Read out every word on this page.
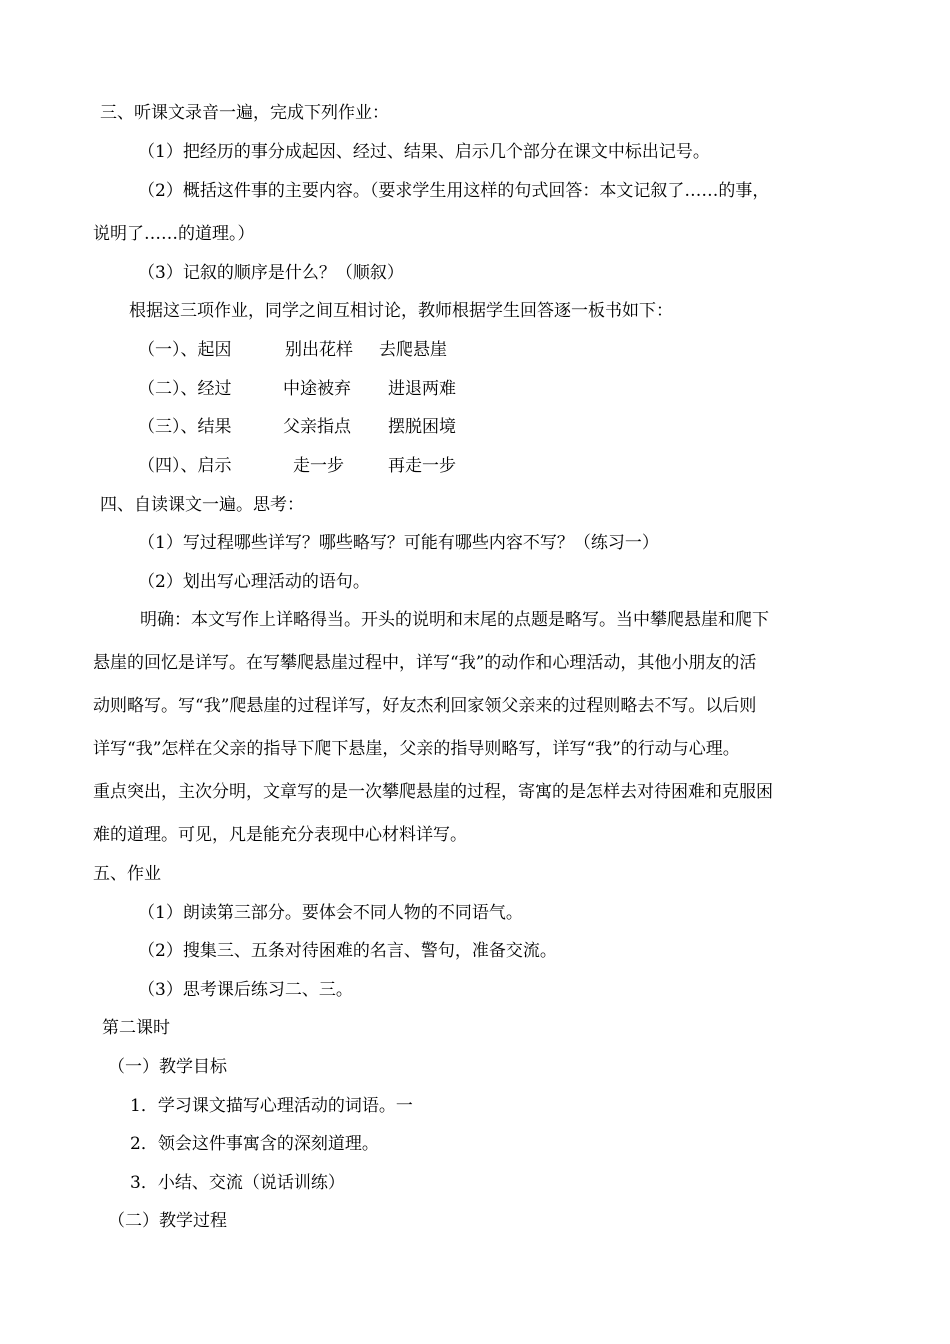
三、听课文录音一遍，完成下列作业：
（1）把经历的事分成起因、经过、结果、启示几个部分在课文中标出记号。
（2）概括这件事的主要内容。（要求学生用这样的句式回答：本文记叙了……的事，
说明了……的道理。）
（3）记叙的顺序是什么？（顺叙）
根据这三项作业，同学之间互相讨论，教师根据学生回答逐一板书如下：
（一）、起因	别出花样 去爬悬崖
（二）、经过	中途被弃 进退两难
（三）、结果	父亲指点 摆脱困境
（四）、启示	走一步	再走一步
四、自读课文一遍。思考：
（1）写过程哪些详写？哪些略写？可能有哪些内容不写？（练习一）
（2）划出写心理活动的语句。
明确：本文写作上详略得当。开头的说明和末尾的点题是略写。当中攀爬悬崖和爬下
悬崖的回忆是详写。在写攀爬悬崖过程中，详写“我”的动作和心理活动，其他小朋友的活
动则略写。写“我”爬悬崖的过程详写，好友杰利回家领父亲来的过程则略去不写。以后则
详写“我”怎样在父亲的指导下爬下悬崖，父亲的指导则略写，详写“我”的行动与心理。
重点突出，主次分明，文章写的是一次攀爬悬崖的过程，寄寓的是怎样去对待困难和克服困
难的道理。可见，凡是能充分表现中心材料详写。
五、作业
（1）朗读第三部分。要体会不同人物的不同语气。
（2）搜集三、五条对待困难的名言、警句，准备交流。
（3）思考课后练习二、三。
第二课时
（一）教学目标
1．学习课文描写心理活动的词语。一
2．领会这件事寓含的深刻道理。
3．小结、交流（说话训练）
（二）教学过程
